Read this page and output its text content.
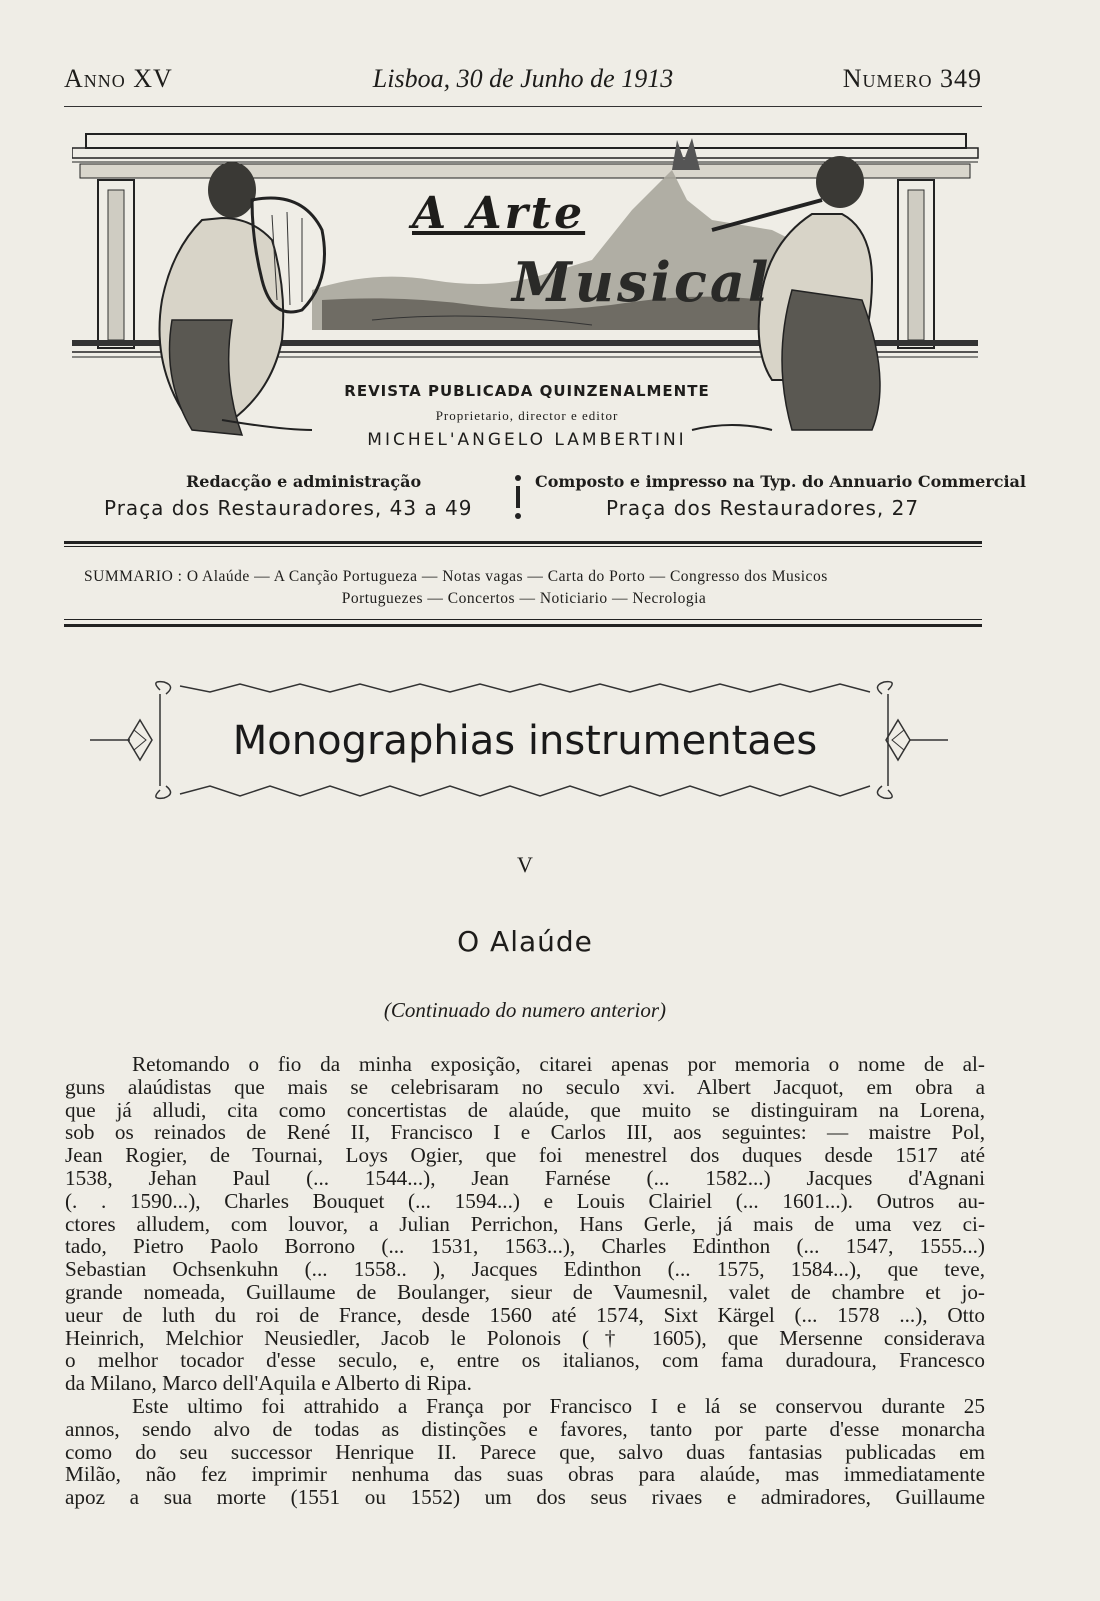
Anno XV	Lisboa, 30 de Junho de 1913	Numero 349
A Arte
Musical
REVISTA PUBLICADA QUINZENALMENTE
Proprietario, director e editor
MICHEL'ANGELO LAMBERTINI
Redacção e administração
Praça dos Restauradores, 43 a 49
Composto e impresso na Typ. do Annuario Commercial
Praça dos Restauradores, 27
SUMMARIO : O Alaúde — A Canção Portugueza — Notas vagas — Carta do Porto — Congresso dos Musicos
Portuguezes — Concertos — Noticiario — Necrologia
Monographias instrumentaes
V
O Alaúde
(Continuado do numero anterior)
Retomando o fio da minha exposição, citarei apenas por memoria o nome de al-
guns alaúdistas que mais se celebrisaram no seculo xvi. Albert Jacquot, em obra a
que já alludi, cita como concertistas de alaúde, que muito se distinguiram na Lorena,
sob os reinados de René II, Francisco I e Carlos III, aos seguintes: — maistre Pol,
Jean Rogier, de Tournai, Loys Ogier, que foi menestrel dos duques desde 1517 até
1538, Jehan Paul (... 1544...), Jean Farnése (... 1582...) Jacques d'Agnani
(. . 1590...), Charles Bouquet (... 1594...) e Louis Clairiel (... 1601...). Outros au-
ctores alludem, com louvor, a Julian Perrichon, Hans Gerle, já mais de uma vez ci-
tado, Pietro Paolo Borrono (... 1531, 1563...), Charles Edinthon (... 1547, 1555...)
Sebastian Ochsenkuhn (... 1558.. ), Jacques Edinthon (... 1575, 1584...), que teve,
grande nomeada, Guillaume de Boulanger, sieur de Vaumesnil, valet de chambre et jo-
ueur de luth du roi de France, desde 1560 até 1574, Sixt Kärgel (... 1578 ...), Otto
Heinrich, Melchior Neusiedler, Jacob le Polonois († 1605), que Mersenne considerava
o melhor tocador d'esse seculo, e, entre os italianos, com fama duradoura, Francesco
da Milano, Marco dell'Aquila e Alberto di Ripa.
Este ultimo foi attrahido a França por Francisco I e lá se conservou durante 25
annos, sendo alvo de todas as distinções e favores, tanto por parte d'esse monarcha
como do seu successor Henrique II. Parece que, salvo duas fantasias publicadas em
Milão, não fez imprimir nenhuma das suas obras para alaúde, mas immediatamente
apoz a sua morte (1551 ou 1552) um dos seus rivaes e admiradores, Guillaume
